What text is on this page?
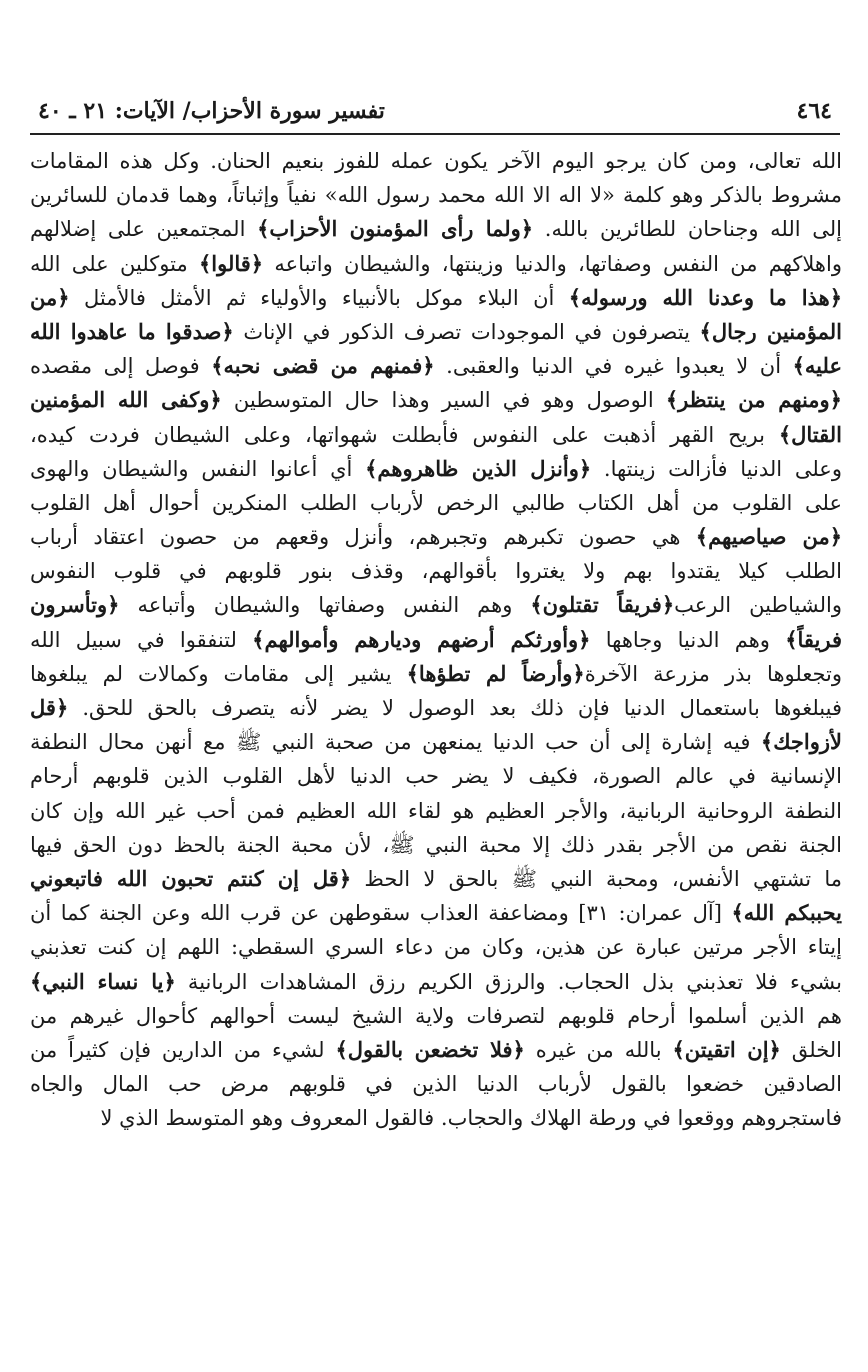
٤٦٤
تفسير سورة الأحزاب/ الآيات: ٢١ ـ ٤٠
الله تعالى، ومن كان يرجو اليوم الآخر يكون عمله للفوز بنعيم الحنان. وكل هذه المقامات
مشروط بالذكر وهو كلمة «لا اله الا الله محمد رسول الله» نفياً وإثباتاً، وهما قدمان للسائرين
إلى الله وجناحان للطائرين بالله. ﴿ولما رأى المؤمنون الأحزاب﴾ المجتمعين على إضلالهم
واهلاكهم من النفس وصفاتها، والدنيا وزينتها، والشيطان واتباعه ﴿قالوا﴾ متوكلين على الله
﴿هذا ما وعدنا الله ورسوله﴾ أن البلاء موكل بالأنبياء والأولياء ثم الأمثل فالأمثل ﴿من
المؤمنين رجال﴾ يتصرفون في الموجودات تصرف الذكور في الإناث ﴿صدقوا ما عاهدوا الله
عليه﴾ أن لا يعبدوا غيره في الدنيا والعقبى. ﴿فمنهم من قضى نحبه﴾ فوصل إلى مقصده
﴿ومنهم من ينتظر﴾ الوصول وهو في السير وهذا حال المتوسطين ﴿وكفى الله المؤمنين
القتال﴾ بريح القهر أذهبت على النفوس فأبطلت شهواتها، وعلى الشيطان فردت كيده،
وعلى الدنيا فأزالت زينتها. ﴿وأنزل الذين ظاهروهم﴾ أي أعانوا النفس والشيطان والهوى
على القلوب من أهل الكتاب طالبي الرخص لأرباب الطلب المنكرين أحوال أهل القلوب
﴿من صياصيهم﴾ هي حصون تكبرهم وتجبرهم، وأنزل وقعهم من حصون اعتقاد أرباب
الطلب كيلا يقتدوا بهم ولا يغتروا بأقوالهم، وقذف بنور قلوبهم في قلوب النفوس
والشياطين الرعب﴿فريقاً تقتلون﴾ وهم النفس وصفاتها والشيطان وأتباعه ﴿وتأسرون
فريقاً﴾ وهم الدنيا وجاهها ﴿وأورثكم أرضهم وديارهم وأموالهم﴾ لتنفقوا في سبيل الله
وتجعلوها بذر مزرعة الآخرة﴿وأرضاً لم تطؤها﴾ يشير إلى مقامات وكمالات لم يبلغوها
فيبلغوها باستعمال الدنيا فإن ذلك بعد الوصول لا يضر لأنه يتصرف بالحق للحق. ﴿قل
لأزواجك﴾ فيه إشارة إلى أن حب الدنيا يمنعهن من صحبة النبي ﷺ مع أنهن محال النطفة
الإنسانية في عالم الصورة، فكيف لا يضر حب الدنيا لأهل القلوب الذين قلوبهم أرحام
النطفة الروحانية الربانية، والأجر العظيم هو لقاء الله العظيم فمن أحب غير الله وإن كان
الجنة نقص من الأجر بقدر ذلك إلا محبة النبي ﷺ، لأن محبة الجنة بالحظ دون الحق فيها
ما تشتهي الأنفس، ومحبة النبي ﷺ بالحق لا الحظ ﴿قل إن كنتم تحبون الله فاتبعوني
يحببكم الله﴾ [آل عمران: ٣١] ومضاعفة العذاب سقوطهن عن قرب الله وعن الجنة كما أن
إيتاء الأجر مرتين عبارة عن هذين، وكان من دعاء السري السقطي: اللهم إن كنت تعذبني
بشيء فلا تعذبني بذل الحجاب. والرزق الكريم رزق المشاهدات الربانية ﴿يا نساء النبي﴾
هم الذين أسلموا أرحام قلوبهم لتصرفات ولاية الشيخ ليست أحوالهم كأحوال غيرهم من
الخلق ﴿إن اتقيتن﴾ بالله من غيره ﴿فلا تخضعن بالقول﴾ لشيء من الدارين فإن كثيراً من
الصادقين خضعوا بالقول لأرباب الدنيا الذين في قلوبهم مرض حب المال والجاه
فاستجروهم ووقعوا في ورطة الهلاك والحجاب. فالقول المعروف وهو المتوسط الذي لا
